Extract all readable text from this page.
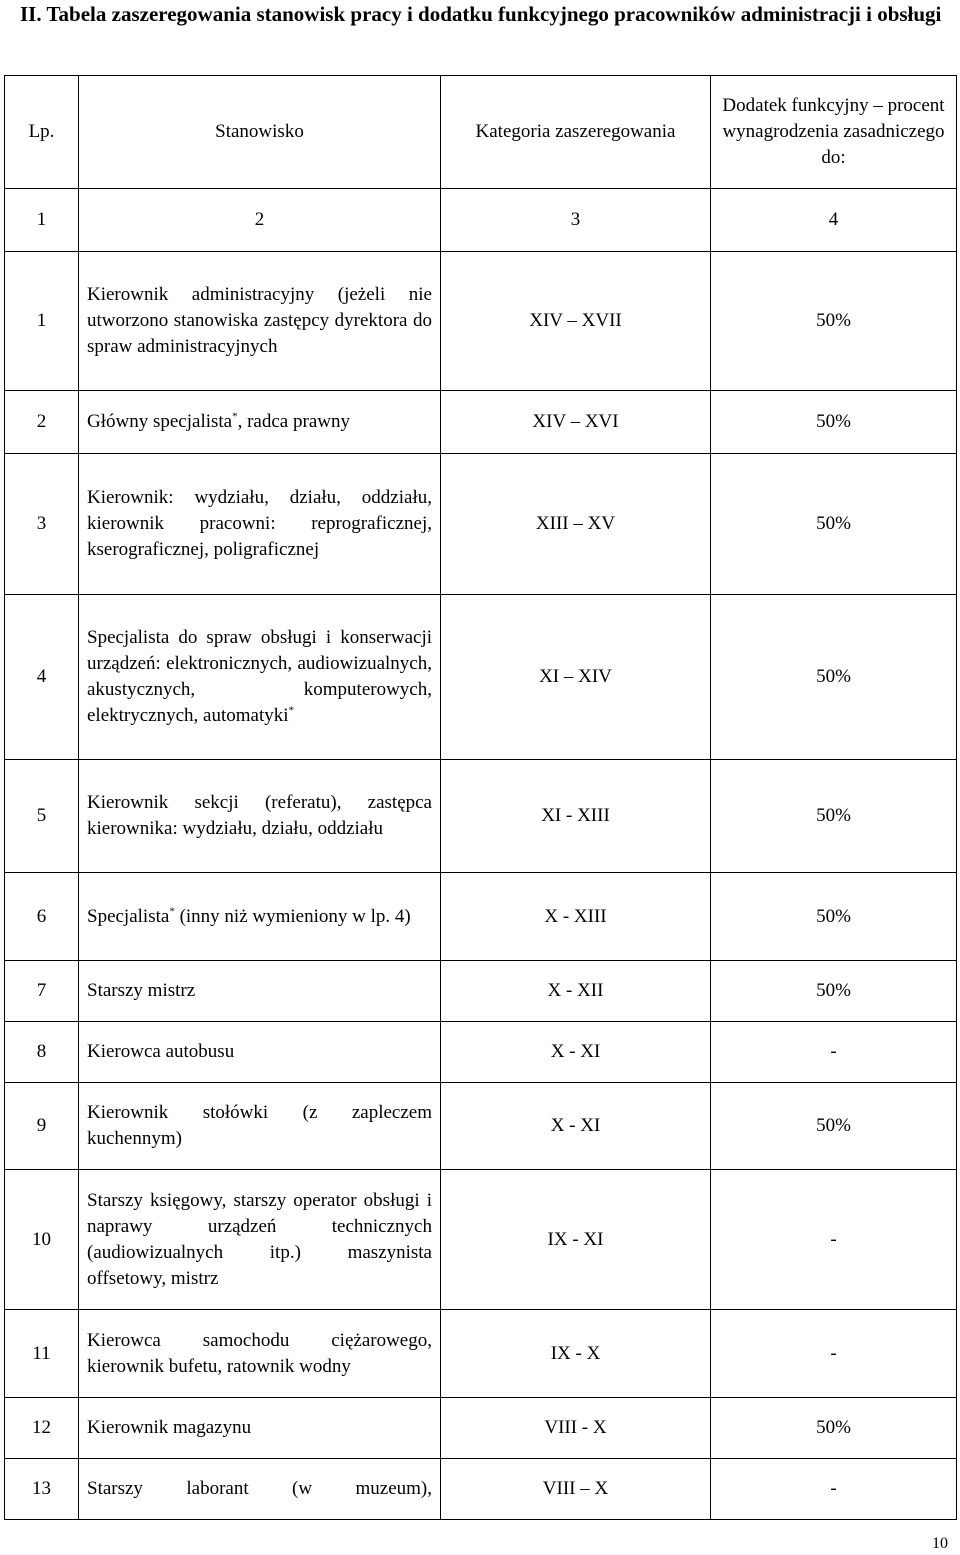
II. Tabela zaszeregowania stanowisk pracy i dodatku funkcyjnego pracowników administracji i obsługi
Lp.	Stanowisko	Kategoria zaszeregowania	Dodatek funkcyjny – procent wynagrodzenia zasadniczego do:
1	2	3	4
1	Kierownik administracyjny (jeżeli nie utworzono stanowiska zastępcy dyrektora do spraw administracyjnych	XIV – XVII	50%
2	Główny specjalista*, radca prawny	XIV – XVI	50%
3	Kierownik: wydziału, działu, oddziału, kierownik pracowni: reprograficznej, kserograficznej, poligraficznej	XIII – XV	50%
4	Specjalista do spraw obsługi i konserwacji urządzeń: elektronicznych, audiowizualnych, akustycznych, komputerowych, elektrycznych, automatyki*	XI – XIV	50%
5	Kierownik sekcji (referatu), zastępca kierownika: wydziału, działu, oddziału	XI - XIII	50%
6	Specjalista* (inny niż wymieniony w lp. 4)	X - XIII	50%
7	Starszy mistrz	X - XII	50%
8	Kierowca autobusu	X - XI	-
9	Kierownik stołówki (z zapleczem kuchennym)	X - XI	50%
10	Starszy księgowy, starszy operator obsługi i naprawy urządzeń technicznych (audiowizualnych itp.) maszynista offsetowy, mistrz	IX - XI	-
11	Kierowca samochodu ciężarowego, kierownik bufetu, ratownik wodny	IX - X	-
12	Kierownik magazynu	VIII - X	50%
13	Starszy laborant (w muzeum),	VIII – X	-
10
